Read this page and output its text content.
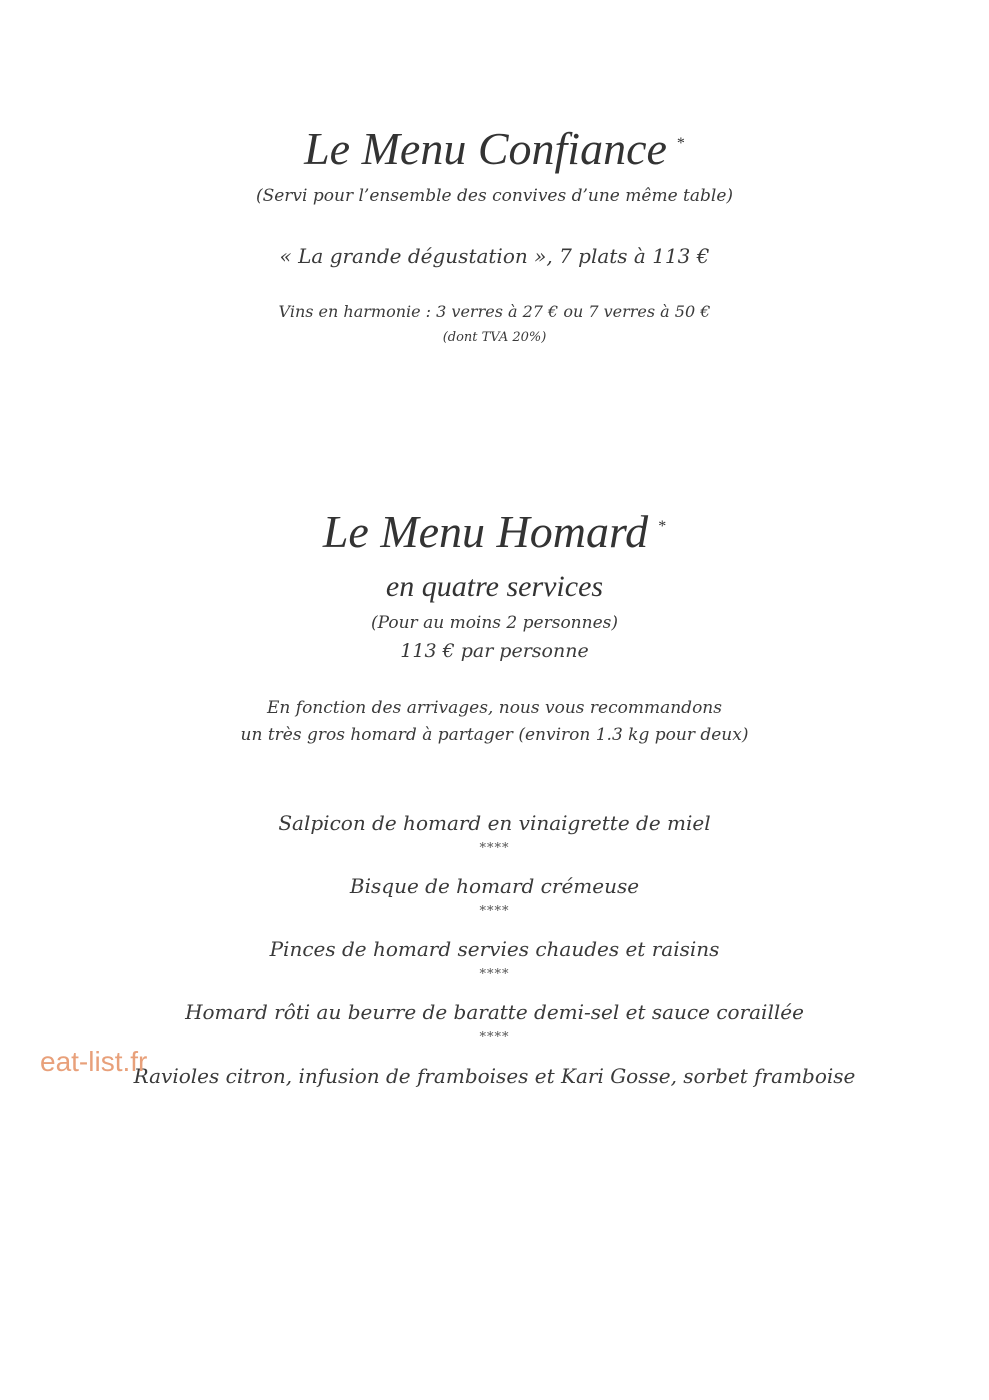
Le Menu Confiance *
(Servi pour l’ensemble des convives d’une même table)
« La grande dégustation », 7 plats à 113 €
Vins en harmonie : 3 verres à 27 € ou 7 verres à 50 €
(dont TVA 20%)
Le Menu Homard *
en quatre services
(Pour au moins 2 personnes)
113 € par personne
En fonction des arrivages, nous vous recommandons
un très gros homard à partager (environ 1.3 kg pour deux)
Salpicon de homard en vinaigrette de miel
****
Bisque de homard crémeuse
****
Pinces de homard servies chaudes et raisins
****
Homard rôti au beurre de baratte demi-sel et sauce coraillée
****
Ravioles citron, infusion de framboises et Kari Gosse, sorbet framboise
eat-list.fr
